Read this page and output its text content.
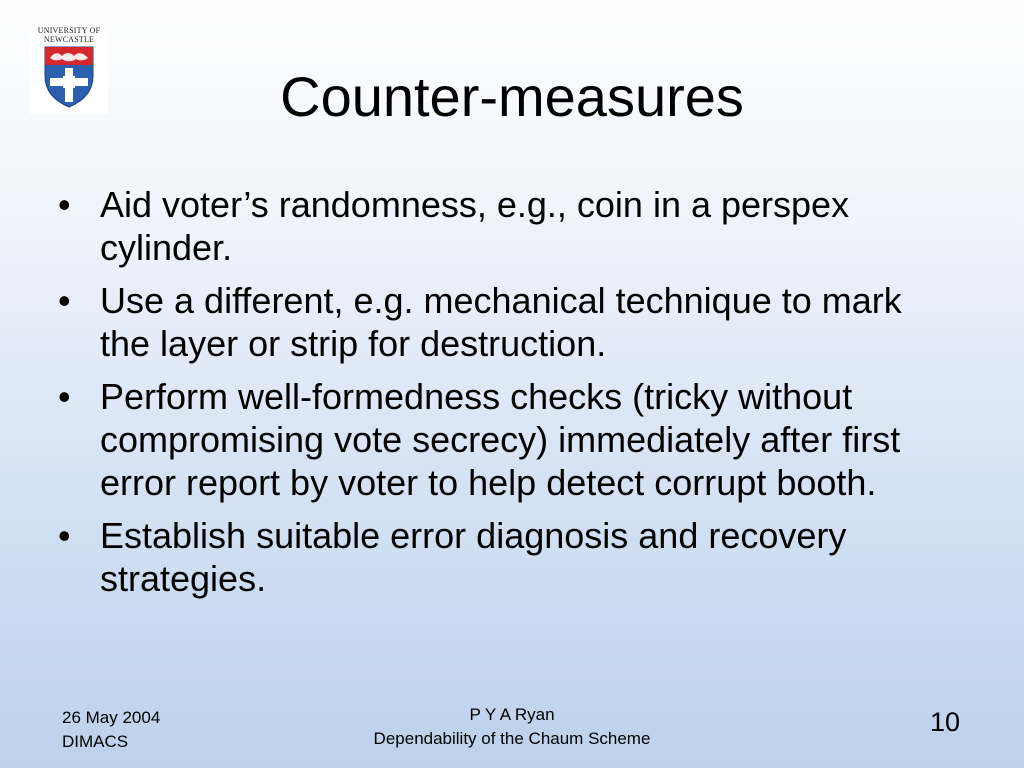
UNIVERSITY OF
NEWCASTLE
Counter-measures
• Aid voter’s randomness, e.g., coin in a perspex cylinder.
• Use a different, e.g. mechanical technique to mark the layer or strip for destruction.
• Perform well-formedness checks (tricky without compromising vote secrecy) immediately after first error report by voter to help detect corrupt booth.
• Establish suitable error diagnosis and recovery strategies.
26 May 2004
DIMACS
P Y A Ryan
Dependability of the Chaum Scheme
10
